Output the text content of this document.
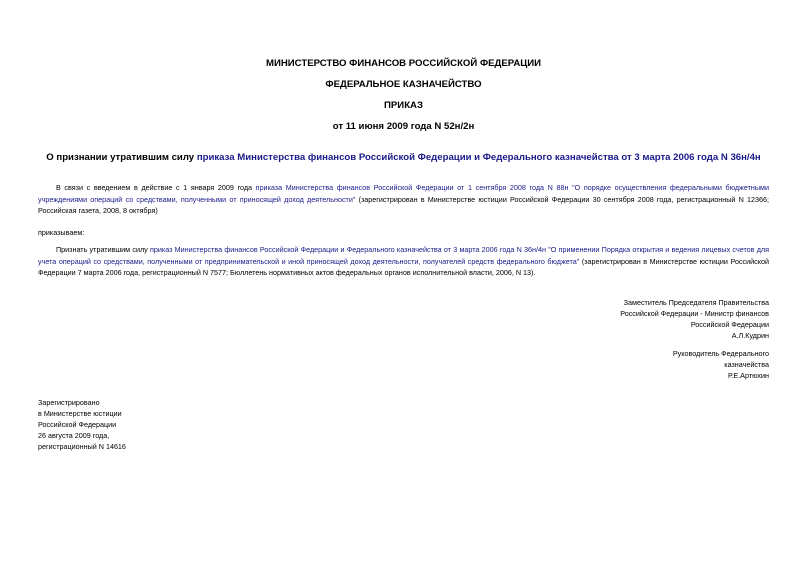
МИНИСТЕРСТВО ФИНАНСОВ РОССИЙСКОЙ ФЕДЕРАЦИИ
ФЕДЕРАЛЬНОЕ КАЗНАЧЕЙСТВО
ПРИКАЗ
от 11 июня 2009 года N 52н/2н
О признании утратившим силу приказа Министерства финансов Российской Федерации и Федерального казначейства от 3 марта 2006 года N 36н/4н
В связи с введением в действие с 1 января 2009 года приказа Министерства финансов Российской Федерации от 1 сентября 2008 года N 88н "О порядке осуществления федеральными бюджетными учреждениями операций со средствами, полученными от приносящей доход деятельности" (зарегистрирован в Министерстве юстиции Российской Федерации 30 сентября 2008 года, регистрационный N 12366; Российская газета, 2008, 8 октября)
приказываем:
Признать утратившим силу приказ Министерства финансов Российской Федерации и Федерального казначейства от 3 марта 2006 года N 36н/4н "О применении Порядка открытия и ведения лицевых счетов для учета операций со средствами, полученными от предпринимательской и иной приносящей доход деятельности, получателей средств федерального бюджета" (зарегистрирован в Министерстве юстиции Российской Федерации 7 марта 2006 года, регистрационный N 7577; Бюллетень нормативных актов федеральных органов исполнительной власти, 2006, N 13).
Заместитель Председателя Правительства
Российской Федерации - Министр финансов
Российской Федерации
А.Л.Кудрин
Руководитель Федерального
казначейства
Р.Е.Артюхин
Зарегистрировано
в Министерстве юстиции
Российской Федерации
26 августа 2009 года,
регистрационный N 14616
